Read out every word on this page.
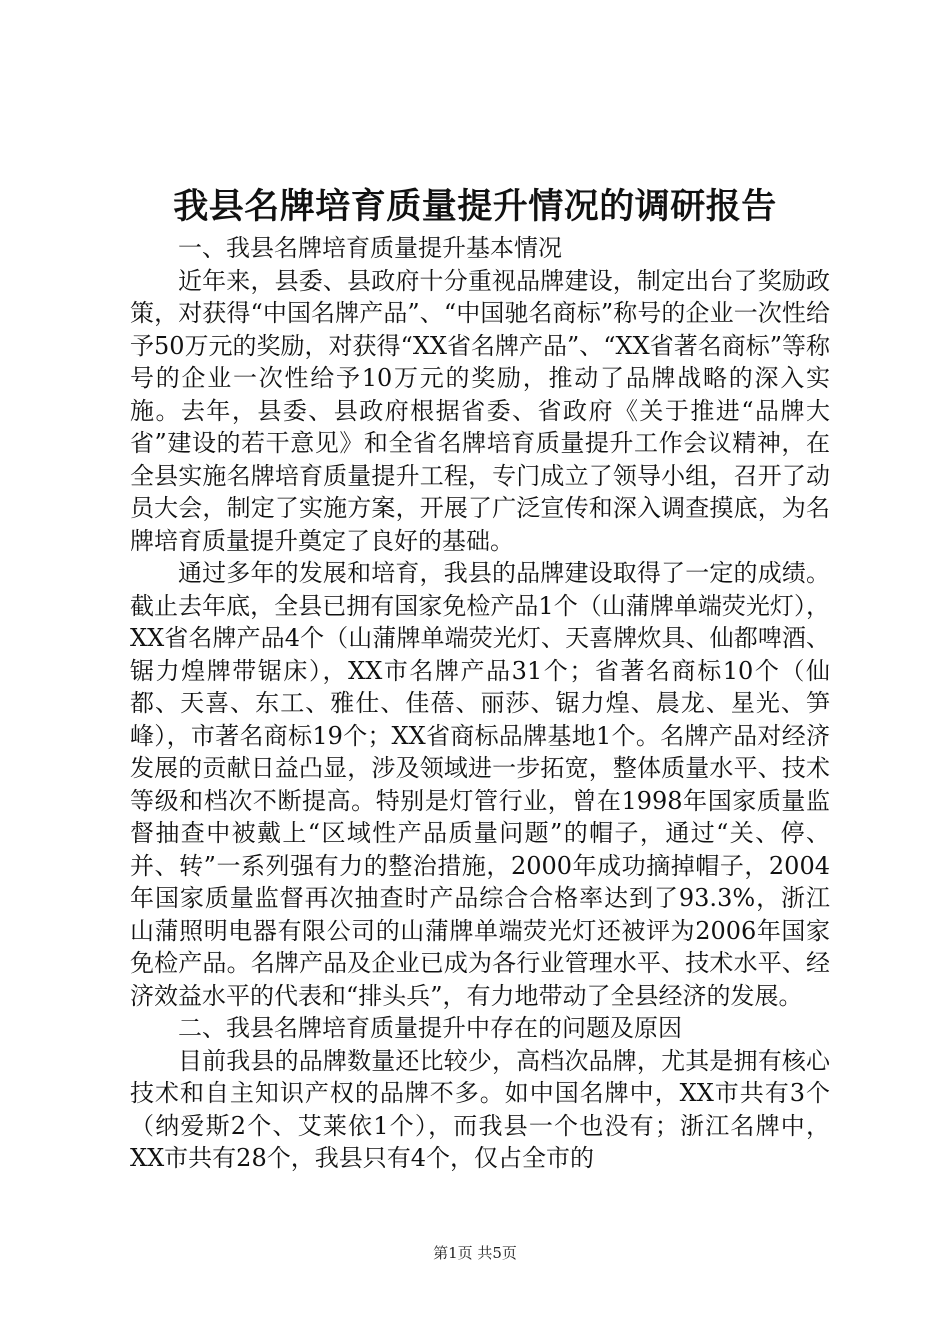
我县名牌培育质量提升情况的调研报告

一、我县名牌培育质量提升基本情况

近年来，县委、县政府十分重视品牌建设，制定出台了奖励政策，对获得“中国名牌产品”、“中国驰名商标”称号的企业一次性给予50万元的奖励，对获得“XX省名牌产品”、“XX省著名商标”等称号的企业一次性给予10万元的奖励，推动了品牌战略的深入实施。去年，县委、县政府根据省委、省政府《关于推进“品牌大省”建设的若干意见》和全省名牌培育质量提升工作会议精神，在全县实施名牌培育质量提升工程，专门成立了领导小组，召开了动员大会，制定了实施方案，开展了广泛宣传和深入调查摸底，为名牌培育质量提升奠定了良好的基础。

通过多年的发展和培育，我县的品牌建设取得了一定的成绩。截止去年底，全县已拥有国家免检产品1个（山蒲牌单端荧光灯），XX省名牌产品4个（山蒲牌单端荧光灯、天喜牌炊具、仙都啤酒、锯力煌牌带锯床），XX市名牌产品31个；省著名商标10个（仙都、天喜、东工、雅仕、佳蓓、丽莎、锯力煌、晨龙、星光、笋峰），市著名商标19个；XX省商标品牌基地1个。名牌产品对经济发展的贡献日益凸显，涉及领域进一步拓宽，整体质量水平、技术等级和档次不断提高。特别是灯管行业，曾在1998年国家质量监督抽查中被戴上“区域性产品质量问题”的帽子，通过“关、停、并、转”一系列强有力的整治措施，2000年成功摘掉帽子，2004年国家质量监督再次抽查时产品综合合格率达到了93.3%，浙江山蒲照明电器有限公司的山蒲牌单端荧光灯还被评为2006年国家免检产品。名牌产品及企业已成为各行业管理水平、技术水平、经济效益水平的代表和“排头兵”，有力地带动了全县经济的发展。

二、我县名牌培育质量提升中存在的问题及原因

目前我县的品牌数量还比较少，高档次品牌，尤其是拥有核心技术和自主知识产权的品牌不多。如中国名牌中，XX市共有3个（纳爱斯2个、艾莱依1个），而我县一个也没有；浙江名牌中，XX市共有28个，我县只有4个，仅占全市的

第1页 共5页
